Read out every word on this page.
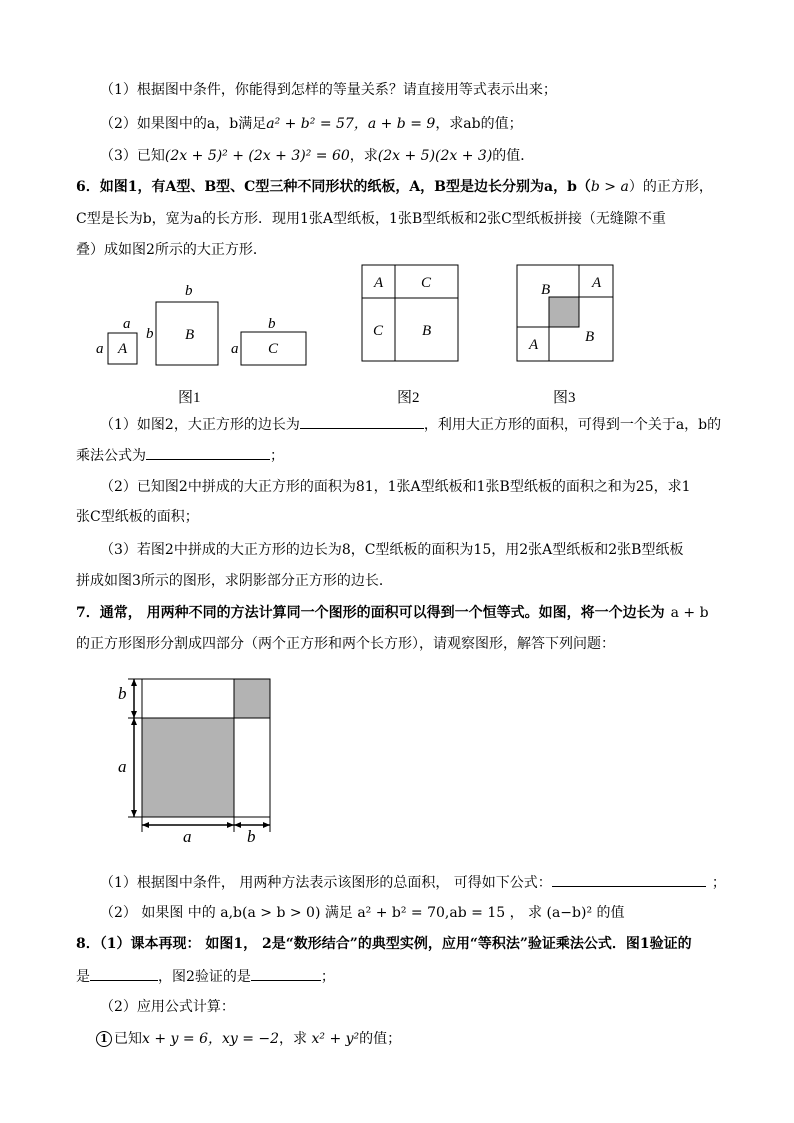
（1）根据图中条件，你能得到怎样的等量关系？请直接用等式表示出来；
（2）如果图中的a，b满足a² + b² = 57，a + b = 9，求ab的值；
（3）已知(2x + 5)² + (2x + 3)² = 60，求(2x + 5)(2x + 3)的值．
6．如图1，有A型、B型、C型三种不同形状的纸板，A，B型是边长分别为a，b（b > a）的正方形，
C型是长为b，宽为a的长方形．现用1张A型纸板，1张B型纸板和2张C型纸板拼接（无缝隙不重
叠）成如图2所示的大正方形．
a
a A
b
b B
b
a C
A	C
C	B
B	A
A	B
图1	图2	图3
（1）如图2，大正方形的边长为	，利用大正方形的面积，可得到一个关于a，b的
乘法公式为	；
（2）已知图2中拼成的大正方形的面积为81，1张A型纸板和1张B型纸板的面积之和为25，求1
张C型纸板的面积；
（3）若图2中拼成的大正方形的边长为8，C型纸板的面积为15，用2张A型纸板和2张B型纸板
拼成如图3所示的图形，求阴影部分正方形的边长．
7．通常， 用两种不同的方法计算同一个图形的面积可以得到一个恒等式。如图，将一个边长为 a + b
的正方形图形分割成四部分（两个正方形和两个长方形），请观察图形，解答下列问题：
b
a
a	b
（1）根据图中条件， 用两种方法表示该图形的总面积， 可得如下公式：	；
（2） 如果图 中的 a,b(a > b > 0) 满足 a² + b² = 70,ab = 15 ， 求 (a−b)² 的值
8．（1）课本再现： 如图1， 2是“数形结合”的典型实例，应用“等积法”验证乘法公式．图1验证的
是	，图2验证的是	；
（2）应用公式计算：
1 已知x + y = 6，xy = −2，求 x² + y²的值；
